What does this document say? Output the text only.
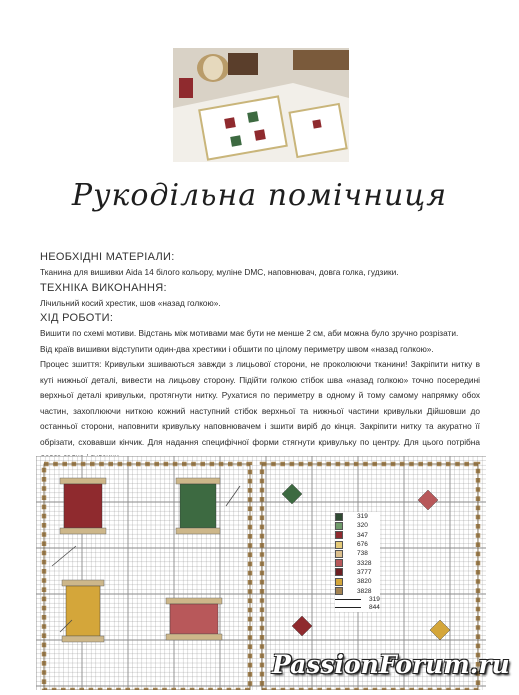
Рукодільна помічниця
НЕОБХІДНІ МАТЕРІАЛИ:

Тканина для вишивки Aida 14 білого кольору, муліне DMC, наповнювач, довга голка, гудзики.

ТЕХНІКА ВИКОНАННЯ:

Лічильний косий хрестик, шов «назад голкою».

ХІД РОБОТИ:

Вишити по схемі мотиви. Відстань між мотивами має бути не менше 2 см, аби можна було зручно розрізати.

Від країв вишивки відступити один-два хрестики і обшити по цілому периметру швом «назад голкою».

Процес зшиття: Кривульки зшиваються завжди з лицьової сторони, не проколюючи тканини! Закріпити нитку в куті нижньої деталі, вивести на лицьову сторону. Пiдiйти голкою стібок шва «назад голкою» точно посередині верхньої деталі кривульки, протягнути нитку. Рухатися по периметру в одному й тому самому напрямку обох частин, захоплюючи ниткою кожний наступний стібок верхньої та нижньої частини кривульки Дійшовши до останньої сторони, наповнити кривульку наповнювачем і зшити виріб до кінця. Закріпити нитку та акуратно її обрізати, сховавши кінчик. Для надання специфічної форми стягнути кривульку по центру. Для цього потрібна

319
320
347
676
738
3328
3777
3820
3828
319
844
PassionForum.ru
